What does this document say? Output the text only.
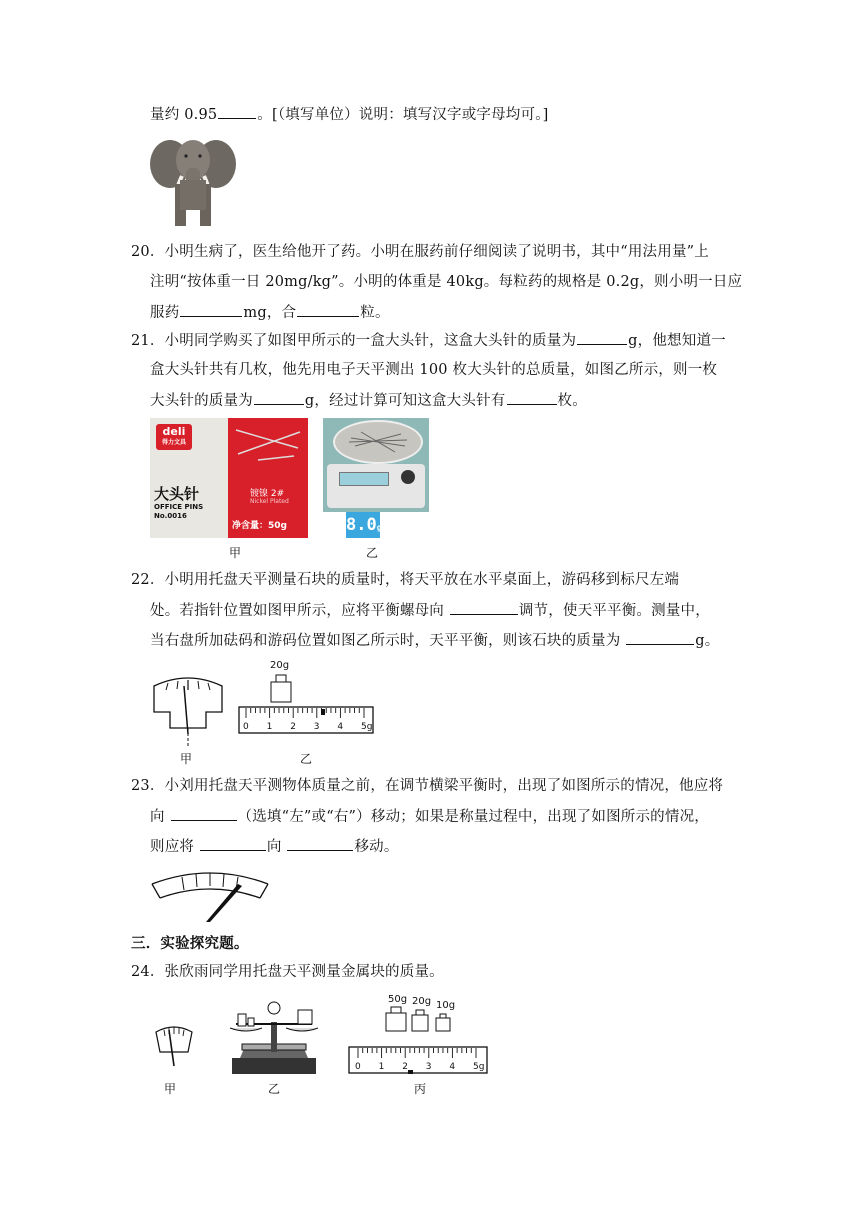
量约 0.95	。[（填写单位）说明：填写汉字或字母均可。]
20．小明生病了，医生给他开了药。小明在服药前仔细阅读了说明书，其中“用法用量”上
注明“按体重一日 20mg/kg”。小明的体重是 40kg。每粒药的规格是 0.2g，则小明一日应
服药	mg，合	粒。
21．小明同学购买了如图甲所示的一盒大头针，这盒大头针的质量为	g，他想知道一
盒大头针共有几枚，他先用电子天平测出 100 枚大头针的总质量，如图乙所示，则一枚
大头针的质量为	g，经过计算可知这盒大头针有	枚。
deli
得力文具
大头针
OFFICE PINS
No.0016
镀镍 2#
Nickel Plated
净含量：50g
甲
8.0g
乙
22．小明用托盘天平测量石块的质量时，将天平放在水平桌面上，游码移到标尺左端
处。若指针位置如图甲所示，应将平衡螺母向	调节，使天平平衡。测量中，
当右盘所加砝码和游码位置如图乙所示时，天平平衡，则该石块的质量为	g。
甲
20g
0 1 2 3 4 5g
乙
23．小刘用托盘天平测物体质量之前，在调节横梁平衡时，出现了如图所示的情况，他应将
向	（选填“左”或“右”）移动；如果是称量过程中，出现了如图所示的情况，
则应将	向	移动。
三．实验探究题。
24．张欣雨同学用托盘天平测量金属块的质量。
甲	乙
50g 20g 10g
0 1 2 3 4 5g
丙
